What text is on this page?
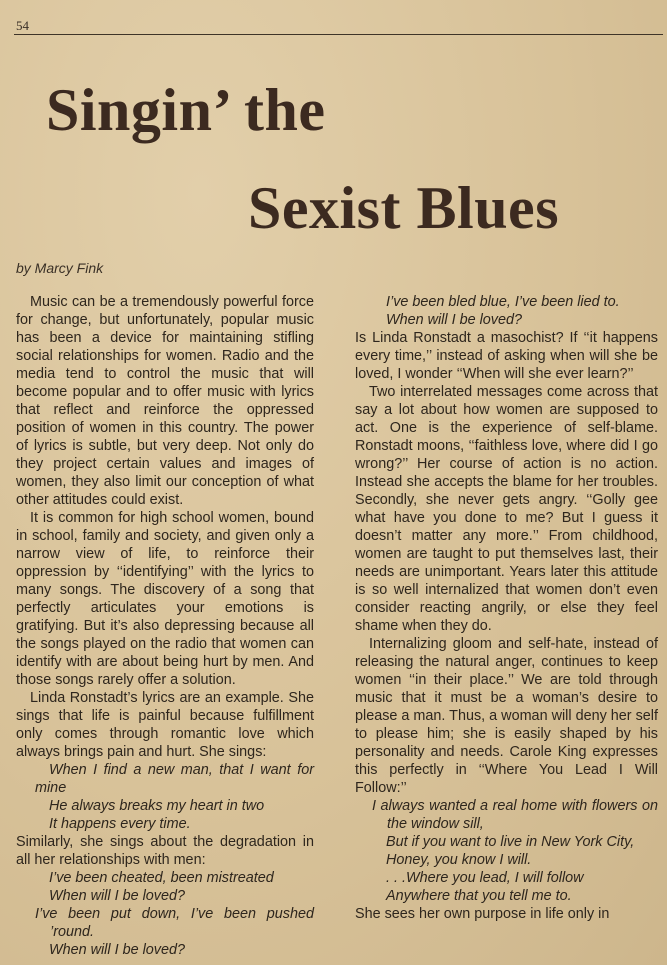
54
Singin’ the
Sexist Blues
by Marcy Fink

Music can be a tremendously powerful force for change, but unfortunately, popular music has been a device for maintaining stifling social relationships for women. Radio and the media tend to control the music that will become popular and to offer music with lyrics that reflect and reinforce the oppressed position of women in this country. The power of lyrics is subtle, but very deep. Not only do they project certain values and images of women, they also limit our conception of what other attitudes could exist.

It is common for high school women, bound in school, family and society, and given only a narrow view of life, to reinforce their oppression by ‘‘identifying’’ with the lyrics to many songs. The discovery of a song that perfectly articulates your emotions is gratifying. But it’s also depressing because all the songs played on the radio that women can identify with are about being hurt by men. And those songs rarely offer a solution.

Linda Ronstadt’s lyrics are an example. She sings that life is painful because fulfillment only comes through romantic love which always brings pain and hurt. She sings:

When I find a new man, that I want for mine

He always breaks my heart in two

It happens every time.

Similarly, she sings about the degradation in all her relationships with men:

I’ve been cheated, been mistreated

When will I be loved?

I’ve been put down, I’ve been pushed ’round.

When will I be loved?

I’ve been bled blue, I’ve been lied to.

When will I be loved?

Is Linda Ronstadt a masochist? If ‘‘it happens every time,’’ instead of asking when will she be loved, I wonder ‘‘When will she ever learn?’’

Two interrelated messages come across that say a lot about how women are supposed to act. One is the experience of self-blame. Ronstadt moons, ‘‘faithless love, where did I go wrong?’’ Her course of action is no action. Instead she accepts the blame for her troubles. Secondly, she never gets angry. ‘‘Golly gee what have you done to me? But I guess it doesn’t matter any more.’’ From childhood, women are taught to put themselves last, their needs are unimportant. Years later this attitude is so well internalized that women don’t even consider reacting angrily, or else they feel shame when they do.

Internalizing gloom and self-hate, instead of releasing the natural anger, continues to keep women ‘‘in their place.’’ We are told through music that it must be a woman’s desire to please a man. Thus, a woman will deny her self to please him; she is easily shaped by his personality and needs. Carole King expresses this perfectly in ‘‘Where You Lead I Will Follow:’’

I always wanted a real home with flowers on the window sill,

But if you want to live in New York City,

Honey, you know I will.

. . .Where you lead, I will follow

Anywhere that you tell me to.

She sees her own purpose in life only in
